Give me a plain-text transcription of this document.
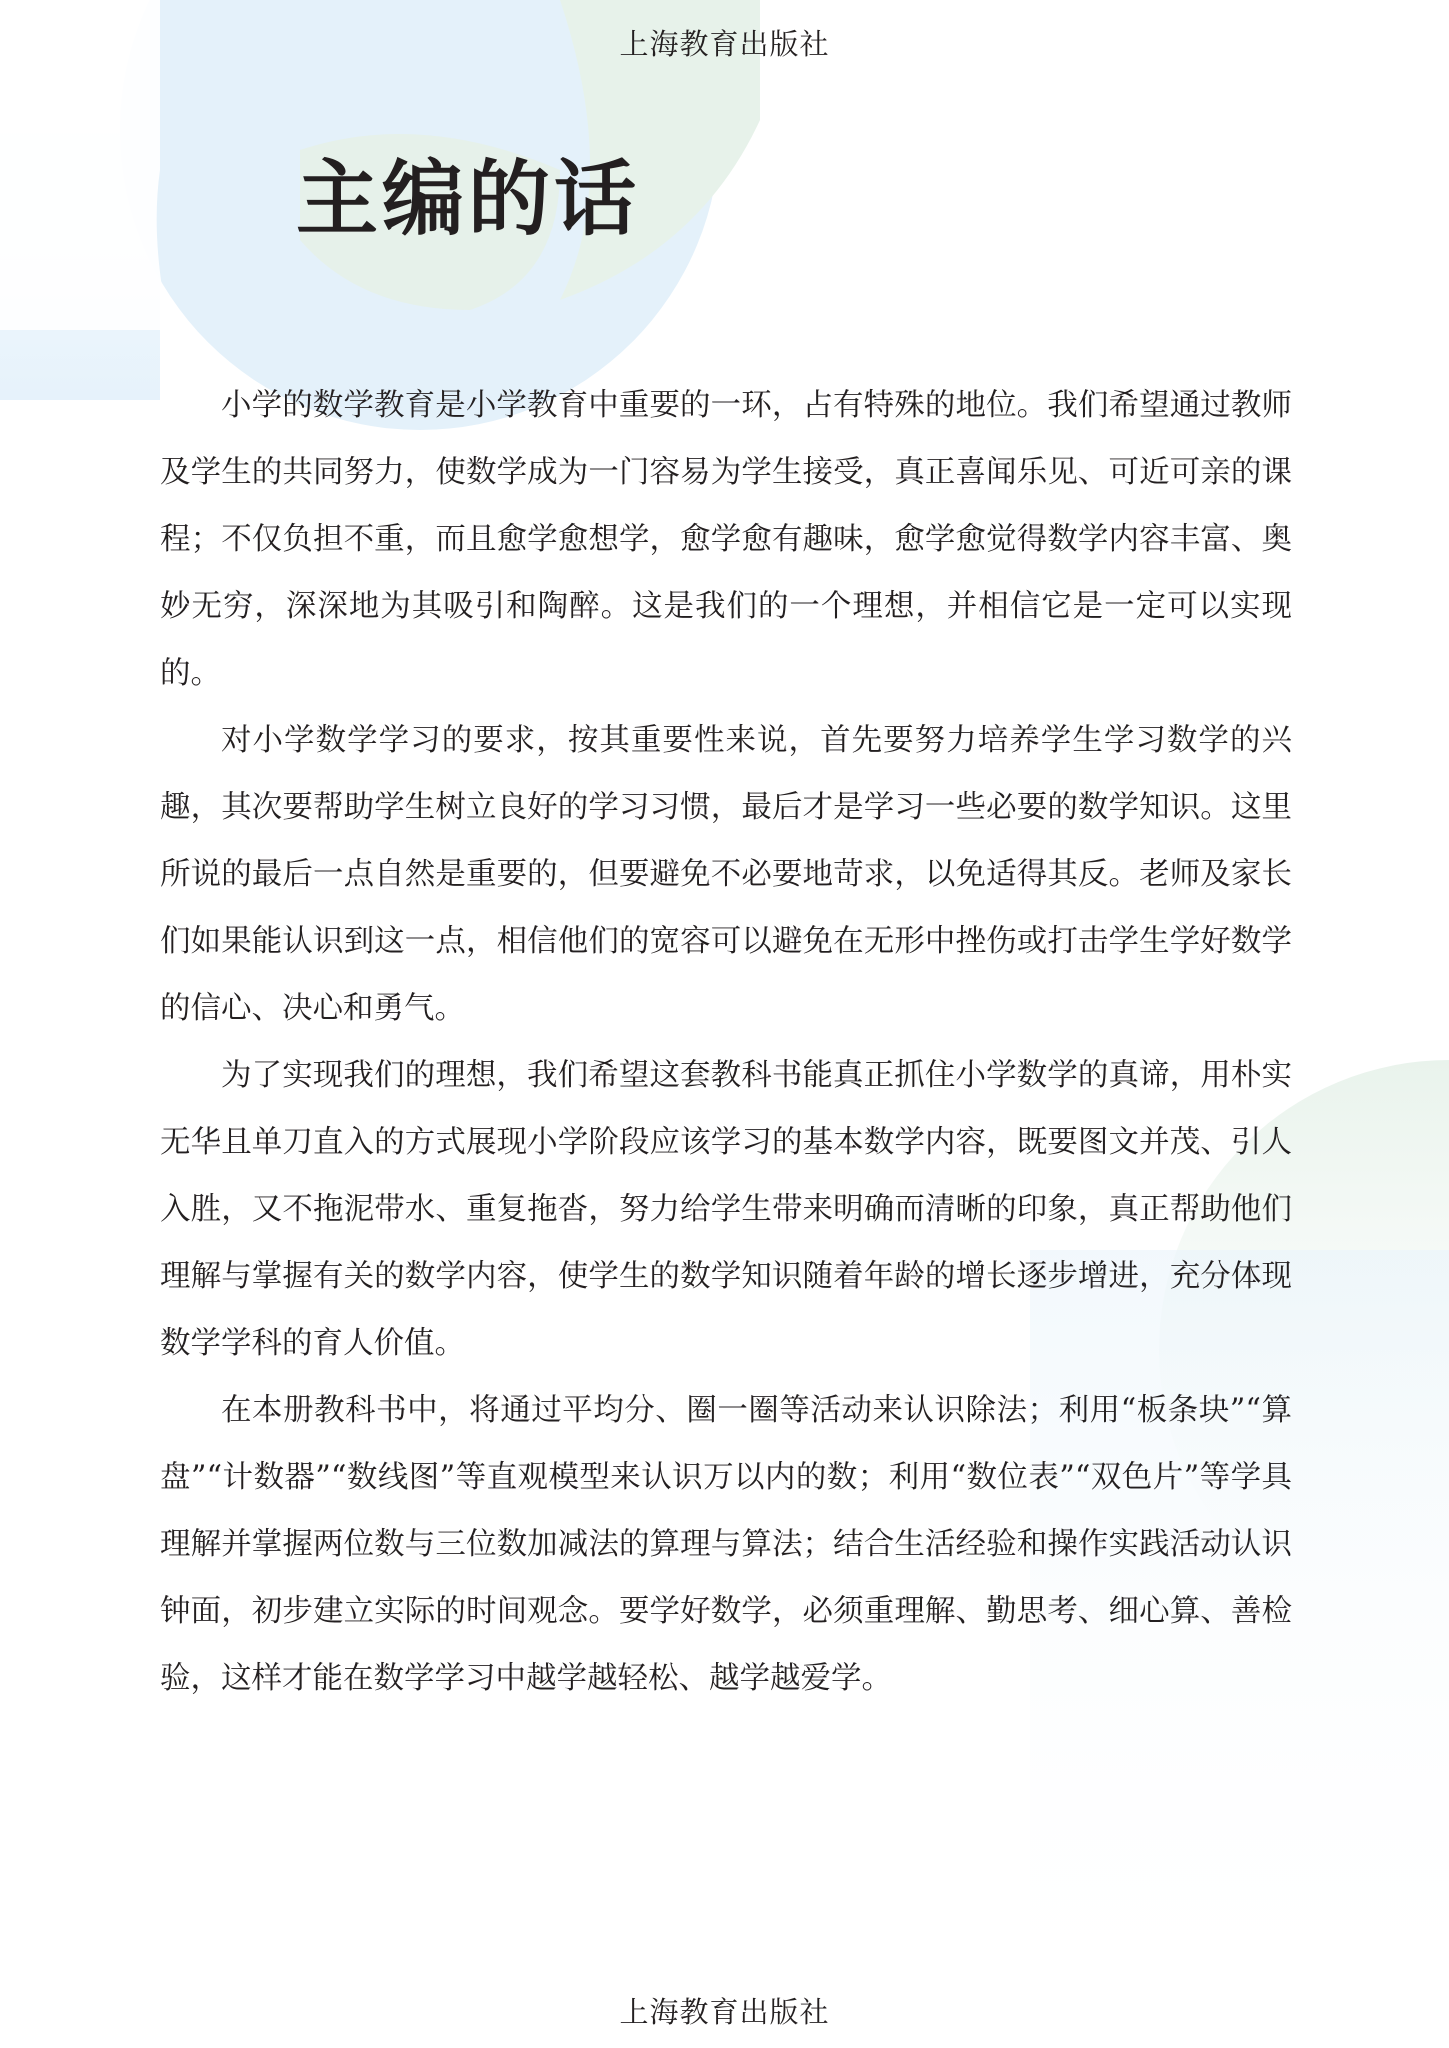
上海教育出版社
主编的话

小学的数学教育是小学教育中重要的一环，占有特殊的地位。我们希望通过教师及学生的共同努力，使数学成为一门容易为学生接受，真正喜闻乐见、可近可亲的课程；不仅负担不重，而且愈学愈想学，愈学愈有趣味，愈学愈觉得数学内容丰富、奥妙无穷，深深地为其吸引和陶醉。这是我们的一个理想，并相信它是一定可以实现的。

对小学数学学习的要求，按其重要性来说，首先要努力培养学生学习数学的兴趣，其次要帮助学生树立良好的学习习惯，最后才是学习一些必要的数学知识。这里所说的最后一点自然是重要的，但要避免不必要地苛求，以免适得其反。老师及家长们如果能认识到这一点，相信他们的宽容可以避免在无形中挫伤或打击学生学好数学的信心、决心和勇气。

为了实现我们的理想，我们希望这套教科书能真正抓住小学数学的真谛，用朴实无华且单刀直入的方式展现小学阶段应该学习的基本数学内容，既要图文并茂、引人入胜，又不拖泥带水、重复拖沓，努力给学生带来明确而清晰的印象，真正帮助他们理解与掌握有关的数学内容，使学生的数学知识随着年龄的增长逐步增进，充分体现数学学科的育人价值。

在本册教科书中，将通过平均分、圈一圈等活动来认识除法；利用“板条块”“算盘”“计数器”“数线图”等直观模型来认识万以内的数；利用“数位表”“双色片”等学具理解并掌握两位数与三位数加减法的算理与算法；结合生活经验和操作实践活动认识钟面，初步建立实际的时间观念。要学好数学，必须重理解、勤思考、细心算、善检验，这样才能在数学学习中越学越轻松、越学越爱学。

上海教育出版社
